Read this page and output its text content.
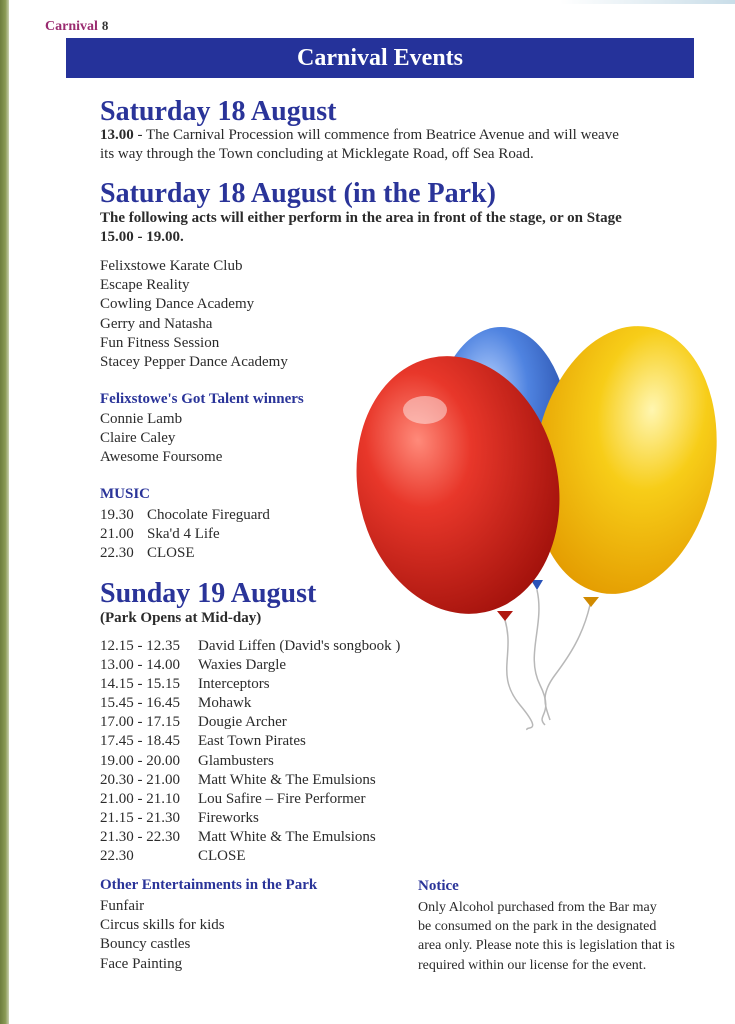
Carnival 8
Carnival Events
Saturday 18 August
13.00 - The Carnival Procession will commence from Beatrice Avenue and will weave
its way through the Town concluding at Micklegate Road, off Sea Road.
Saturday 18 August (in the Park)
The following acts will either perform in the area in front of the stage, or on Stage
15.00 - 19.00.
Felixstowe Karate Club
Escape Reality
Cowling Dance Academy
Gerry and Natasha
Fun Fitness Session
Stacey Pepper Dance Academy
Felixstowe's Got Talent winners
Connie Lamb
Claire Caley
Awesome Foursome
MUSIC
19.30 Chocolate Fireguard
21.00 Ska'd 4 Life
22.30 CLOSE
Sunday 19 August
(Park Opens at Mid-day)
12.15 - 12.35	David Liffen (David's songbook )
13.00 - 14.00	Waxies Dargle
14.15 - 15.15	Interceptors
15.45 - 16.45	Mohawk
17.00 - 17.15	Dougie Archer
17.45 - 18.45	East Town Pirates
19.00 - 20.00	Glambusters
20.30 - 21.00	Matt White & The Emulsions
21.00 - 21.10	Lou Safire – Fire Performer
21.15 - 21.30	Fireworks
21.30 - 22.30	Matt White & The Emulsions
22.30	CLOSE
Other Entertainments in the Park
Funfair
Circus skills for kids
Bouncy castles
Face Painting
Notice
Only Alcohol purchased from the Bar may
be consumed on the park in the designated
area only. Please note this is legislation that is
required within our license for the event.
